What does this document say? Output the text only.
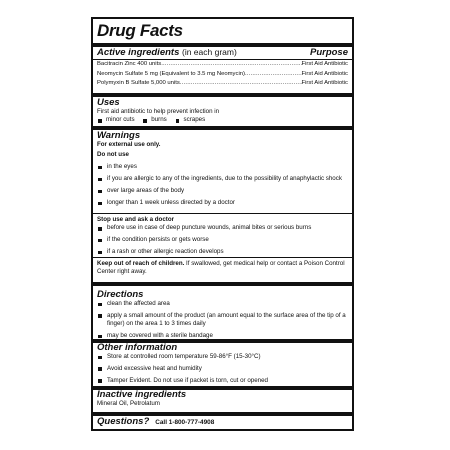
Drug Facts
Active ingredients (in each gram)	Purpose
Bacitracin Zinc 400 units .....	First Aid Antibiotic
Neomycin Sulfate 5 mg (Equivalent to 3.5 mg Neomycin) .....	First Aid Antibiotic
Polymyxin B Sulfate 5,000 units .....	First Aid Antibiotic
Uses
First aid antibiotic to help prevent infection in
minor cuts	burns	scrapes
Warnings
For external use only.
Do not use
in the eyes
if you are allergic to any of the ingredients, due to the possibility of anaphylactic shock
over large areas of the body
longer than 1 week unless directed by a doctor
Stop use and ask a doctor
before use in case of deep puncture wounds, animal bites or serious burns
if the condition persists or gets worse
if a rash or other allergic reaction develops
Keep out of reach of children. If swallowed, get medical help or contact a Poison Control Center right away.
Directions
clean the affected area
apply a small amount of the product (an amount equal to the surface area of the tip of a finger) on the area 1 to 3 times daily
may be covered with a sterile bandage
Other information
Store at controlled room temperature 59-86°F (15-30°C)
Avoid excessive heat and humidity
Tamper Evident. Do not use if packet is torn, cut or opened
Inactive ingredients
Mineral Oil, Petrolatum
Questions? Call 1-800-777-4908
